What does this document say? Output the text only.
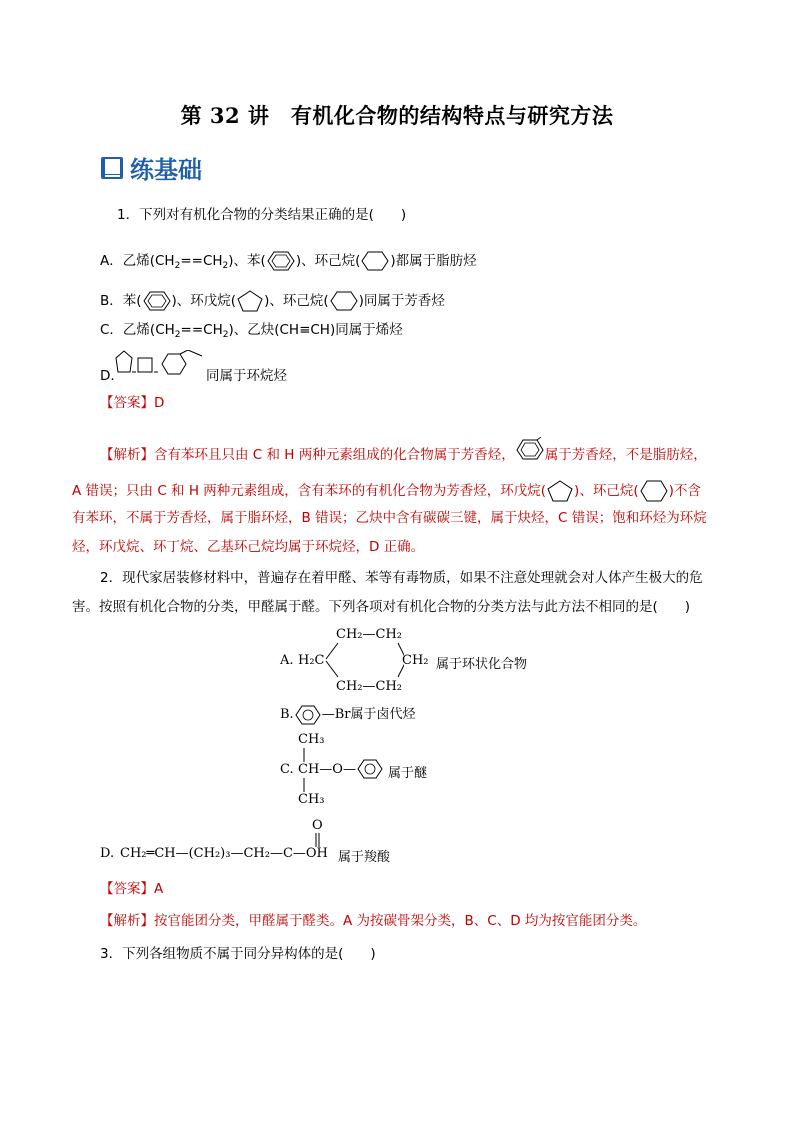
第 32 讲　有机化合物的结构特点与研究方法
练基础
1．下列对有机化合物的分类结果正确的是(　　)
A．乙烯$(CH_2==CH_2)$、苯( )、环己烷( )都属于脂肪烃
B．苯( )、环戊烷( )、环己烷( )同属于芳香烃
C．乙烯$(CH_2==CH_2)$、乙炔(CH≡CH)同属于烯烃
D.	同属于环烷烃
【答案】D
【解析】含有苯环且只由 C 和 H 两种元素组成的化合物属于芳香烃， 属于芳香烃，不是脂肪烃，
A 错误；只由 C 和 H 两种元素组成，含有苯环的有机化合物为芳香烃，环戊烷( )、环己烷( )不含
有苯环，不属于芳香烃，属于脂环烃，B 错误；乙炔中含有碳碳三键，属于炔烃，C 错误；饱和环烃为环烷
烃，环戊烷、环丁烷、乙基环己烷均属于环烷烃，D 正确。
2．现代家居装修材料中，普遍存在着甲醛、苯等有毒物质，如果不注意处理就会对人体产生极大的危
害。按照有机化合物的分类，甲醛属于醛。下列各项对有机化合物的分类方法与此方法不相同的是(　　)
CH₂—CH₂
A. H₂C	CH₂
CH₂—CH₂
属于环状化合物
B. —Br属于卤代烃
CH₃
C. CH—O— 属于醚
CH₃
O
D. CH₂═CH—(CH₂)₃—CH₂—C—OH 属于羧酸
【答案】A
【解析】按官能团分类，甲醛属于醛类。A 为按碳骨架分类，B、C、D 均为按官能团分类。
3．下列各组物质不属于同分异构体的是(　　)
